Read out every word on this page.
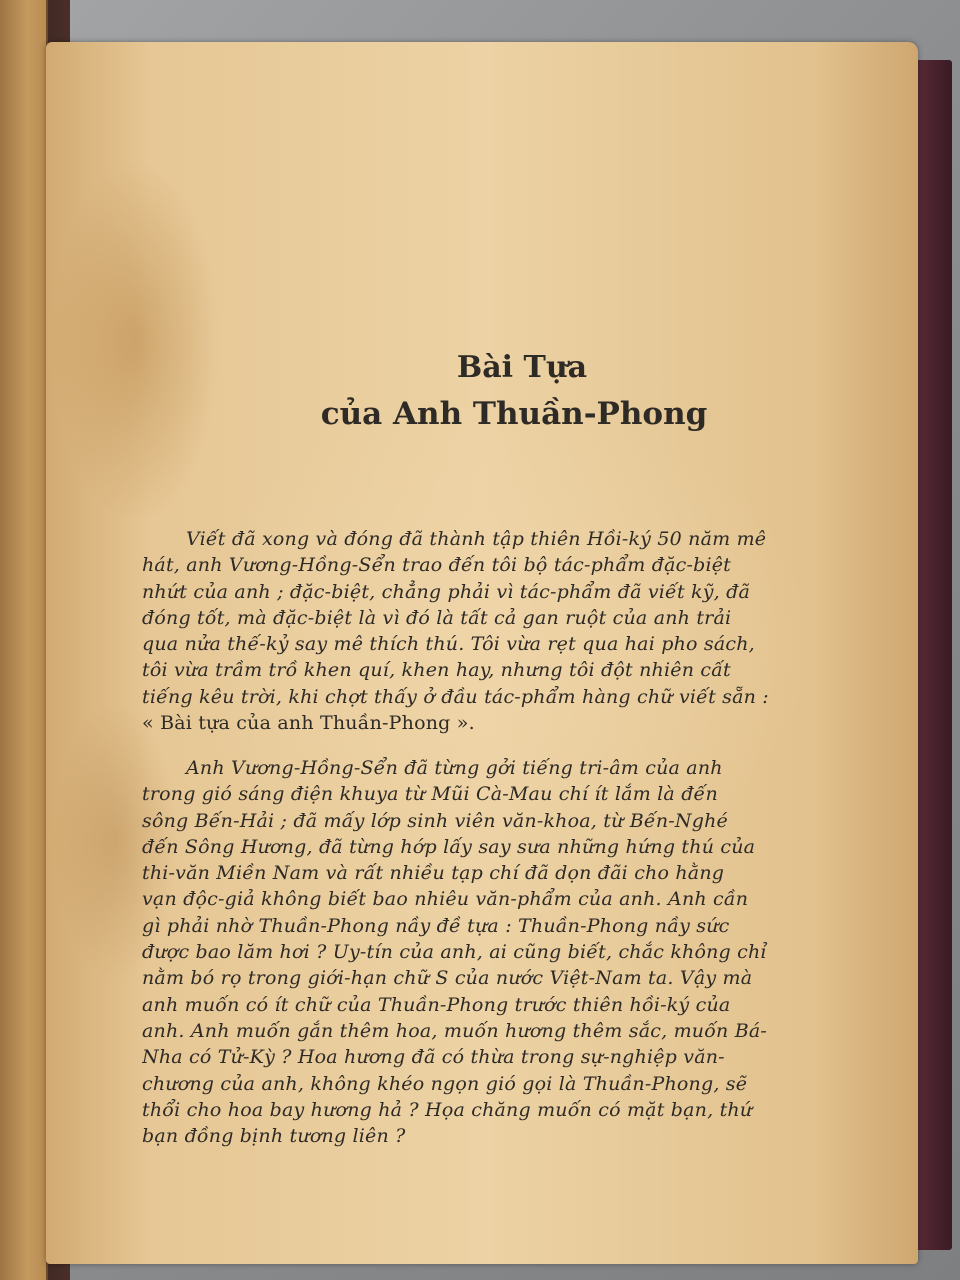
Bài Tựa
của Anh Thuần-Phong
Viết đã xong và đóng đã thành tập thiên Hồi-ký 50 năm mê
hát, anh Vương-Hồng-Sển trao đến tôi bộ tác-phẩm đặc-biệt
nhứt của anh ; đặc-biệt, chẳng phải vì tác-phẩm đã viết kỹ, đã
đóng tốt, mà đặc-biệt là vì đó là tất cả gan ruột của anh trải
qua nửa thế-kỷ say mê thích thú. Tôi vừa rẹt qua hai pho sách,
tôi vừa trầm trồ khen quí, khen hay, nhưng tôi đột nhiên cất
tiếng kêu trời, khi chợt thấy ở đầu tác-phẩm hàng chữ viết sẵn :
« Bài tựa của anh Thuần-Phong ».
Anh Vương-Hồng-Sển đã từng gởi tiếng tri-âm của anh
trong gió sáng điện khuya từ Mũi Cà-Mau chí ít lắm là đến
sông Bến-Hải ; đã mấy lớp sinh viên văn-khoa, từ Bến-Nghé
đến Sông Hương, đã từng hớp lấy say sưa những hứng thú của
thi-văn Miền Nam và rất nhiều tạp chí đã dọn đãi cho hằng
vạn độc-giả không biết bao nhiêu văn-phẩm của anh. Anh cần
gì phải nhờ Thuần-Phong nầy đề tựa : Thuần-Phong nầy sức
được bao lăm hơi ? Uy-tín của anh, ai cũng biết, chắc không chỉ
nằm bó rọ trong giới-hạn chữ S của nước Việt-Nam ta. Vậy mà
anh muốn có ít chữ của Thuần-Phong trước thiên hồi-ký của
anh. Anh muốn gắn thêm hoa, muốn hương thêm sắc, muốn Bá-
Nha có Tử-Kỳ ? Hoa hương đã có thừa trong sự-nghiệp văn-
chương của anh, không khéo ngọn gió gọi là Thuần-Phong, sẽ
thổi cho hoa bay hương hả ? Họa chăng muốn có mặt bạn, thứ
bạn đồng bịnh tương liên ?
